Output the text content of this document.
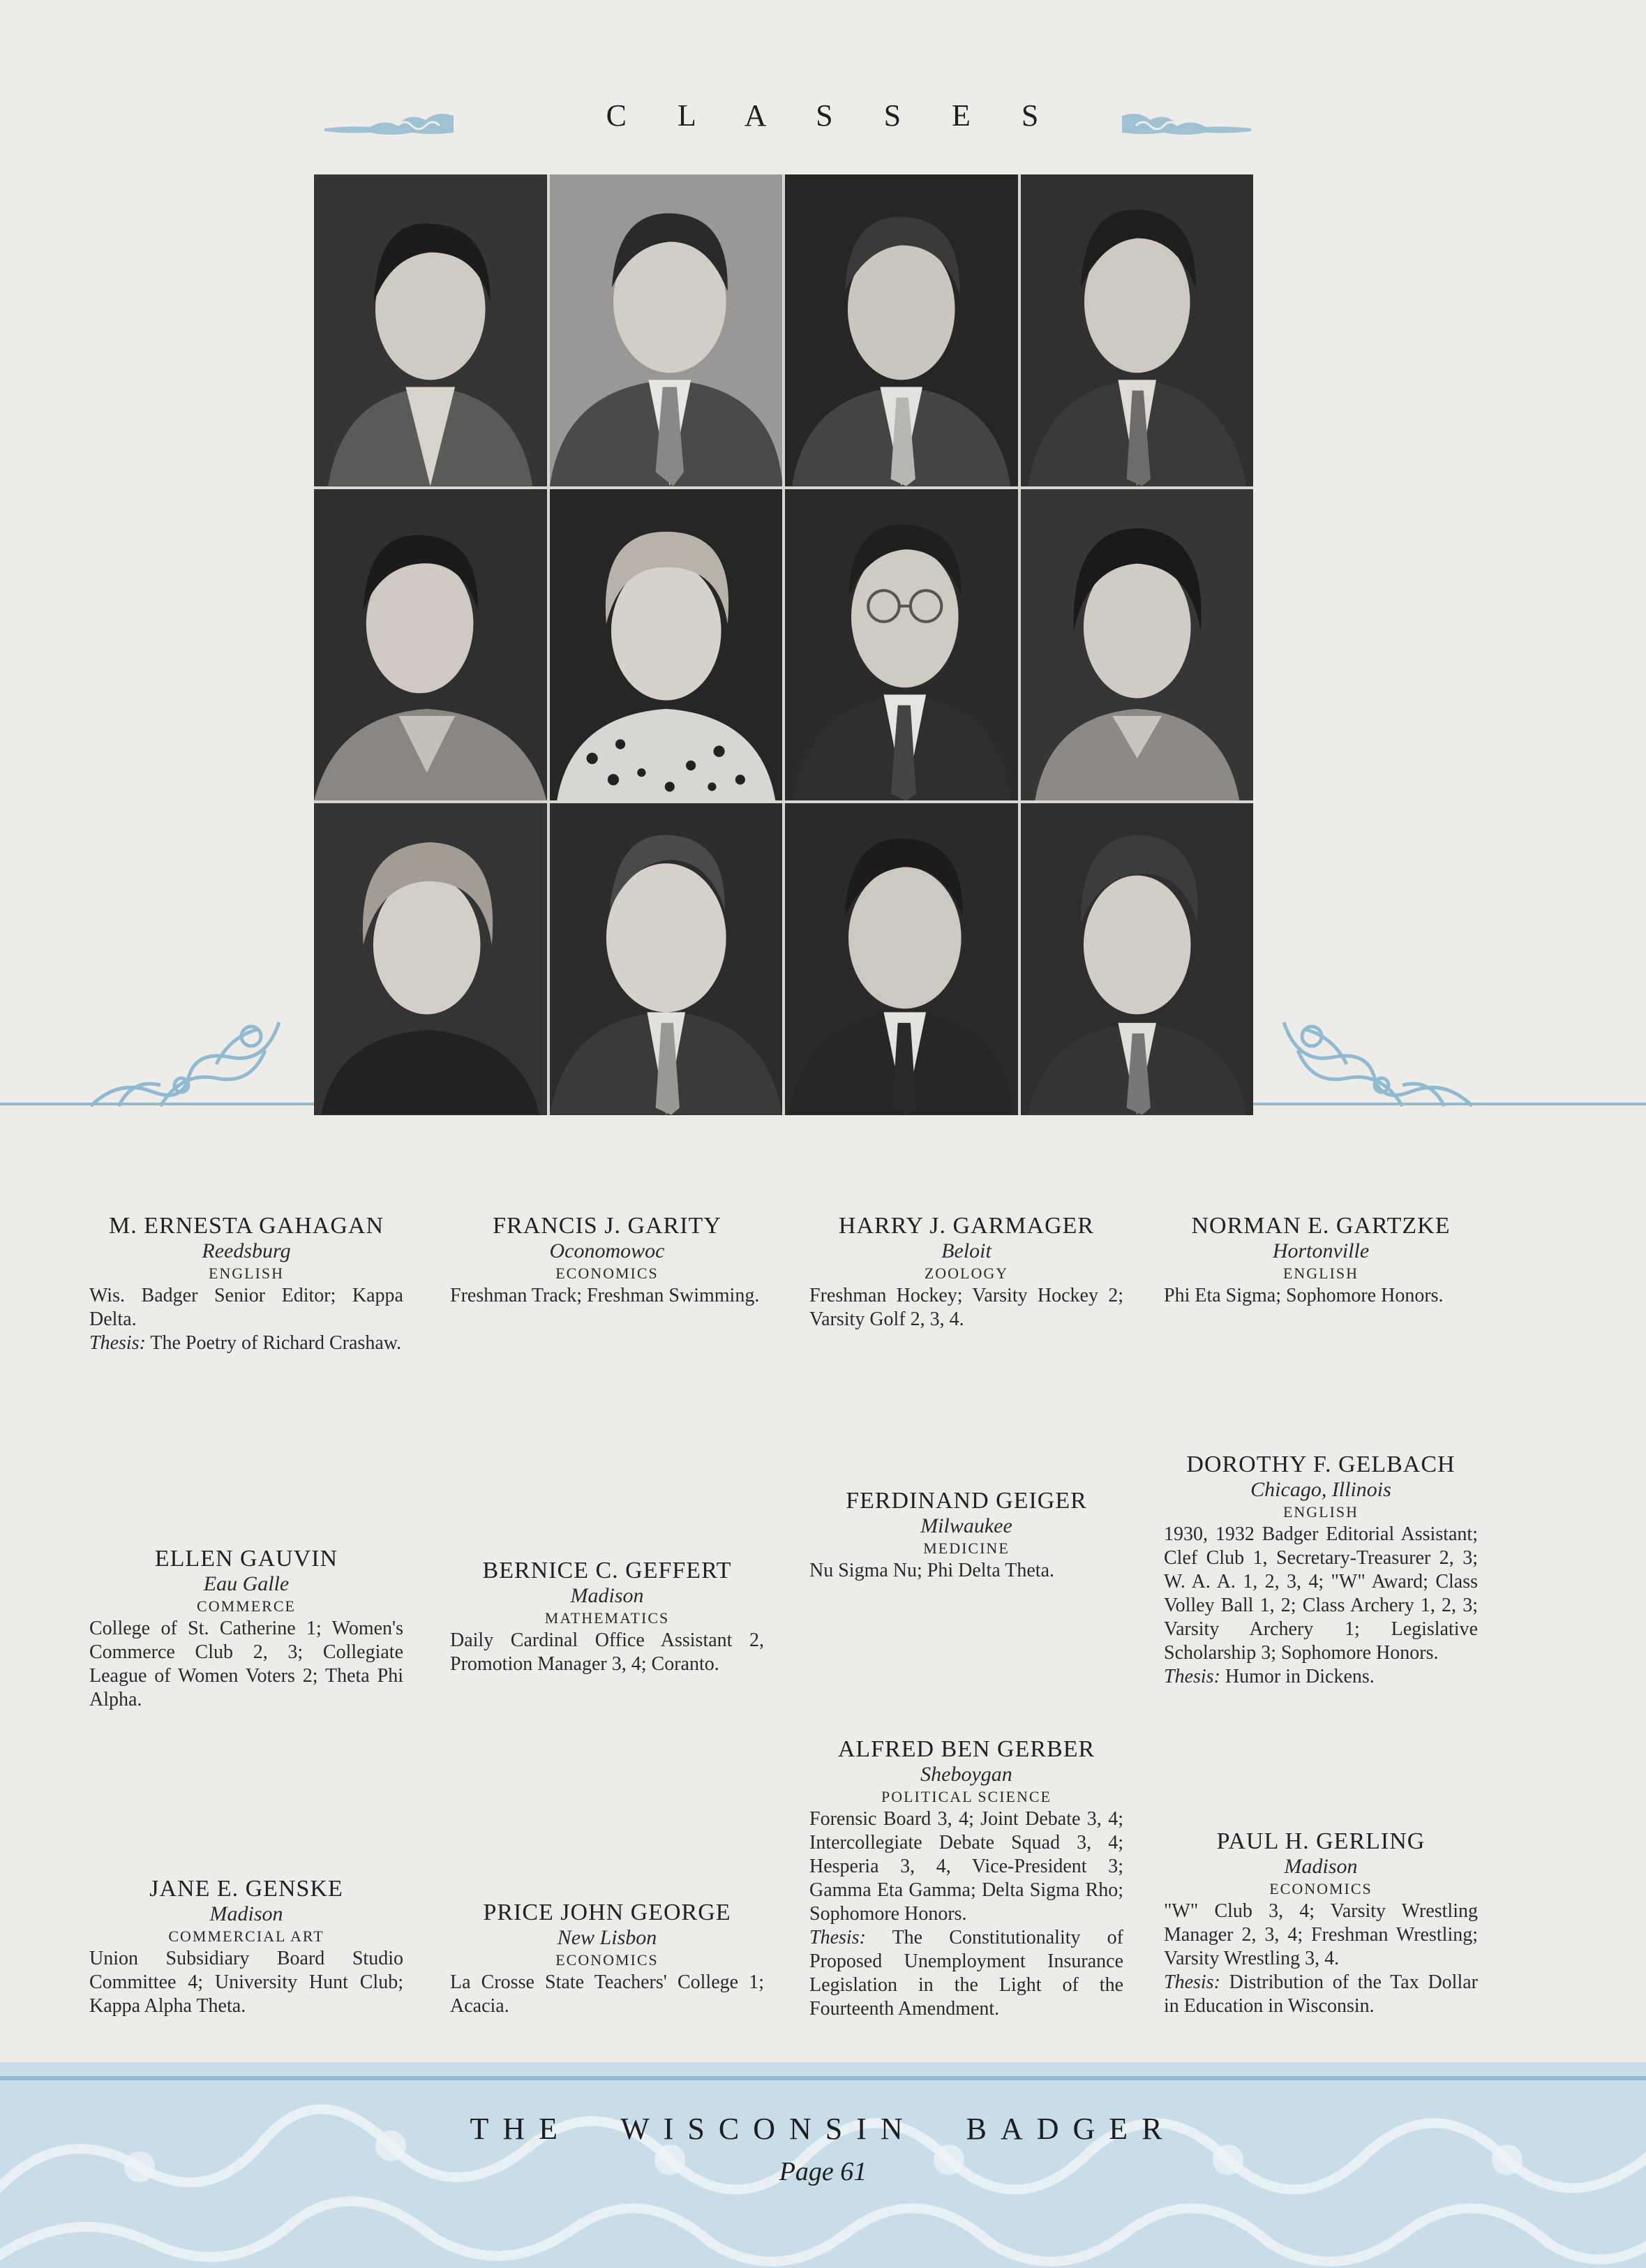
C L A S S E S
M. ERNESTA GAHAGAN
Reedsburg
ENGLISH
Wis. Badger Senior Editor; Kappa Delta.
Thesis: The Poetry of Richard Crashaw.
FRANCIS J. GARITY
Oconomowoc
ECONOMICS
Freshman Track; Freshman Swimming.
HARRY J. GARMAGER
Beloit
ZOOLOGY
Freshman Hockey; Varsity Hockey 2; Varsity Golf 2, 3, 4.
NORMAN E. GARTZKE
Hortonville
ENGLISH
Phi Eta Sigma; Sophomore Honors.
ELLEN GAUVIN
Eau Galle
COMMERCE
College of St. Catherine 1; Women's Commerce Club 2, 3; Collegiate League of Women Voters 2; Theta Phi Alpha.
BERNICE C. GEFFERT
Madison
MATHEMATICS
Daily Cardinal Office Assistant 2, Promotion Manager 3, 4; Coranto.
FERDINAND GEIGER
Milwaukee
MEDICINE
Nu Sigma Nu; Phi Delta Theta.
DOROTHY F. GELBACH
Chicago, Illinois
ENGLISH
1930, 1932 Badger Editorial Assistant; Clef Club 1, Secretary-Treasurer 2, 3; W. A. A. 1, 2, 3, 4; "W" Award; Class Volley Ball 1, 2; Class Archery 1, 2, 3; Varsity Archery 1; Legislative Scholarship 3; Sophomore Honors.
Thesis: Humor in Dickens.
JANE E. GENSKE
Madison
COMMERCIAL ART
Union Subsidiary Board Studio Committee 4; University Hunt Club; Kappa Alpha Theta.
PRICE JOHN GEORGE
New Lisbon
ECONOMICS
La Crosse State Teachers' College 1; Acacia.
ALFRED BEN GERBER
Sheboygan
POLITICAL SCIENCE
Forensic Board 3, 4; Joint Debate 3, 4; Intercollegiate Debate Squad 3, 4; Hesperia 3, 4, Vice-President 3; Gamma Eta Gamma; Delta Sigma Rho; Sophomore Honors.
Thesis: The Constitutionality of Proposed Unemployment Insurance Legislation in the Light of the Fourteenth Amendment.
PAUL H. GERLING
Madison
ECONOMICS
"W" Club 3, 4; Varsity Wrestling Manager 2, 3, 4; Freshman Wrestling; Varsity Wrestling 3, 4.
Thesis: Distribution of the Tax Dollar in Education in Wisconsin.
THE WISCONSIN BADGER
Page 61
